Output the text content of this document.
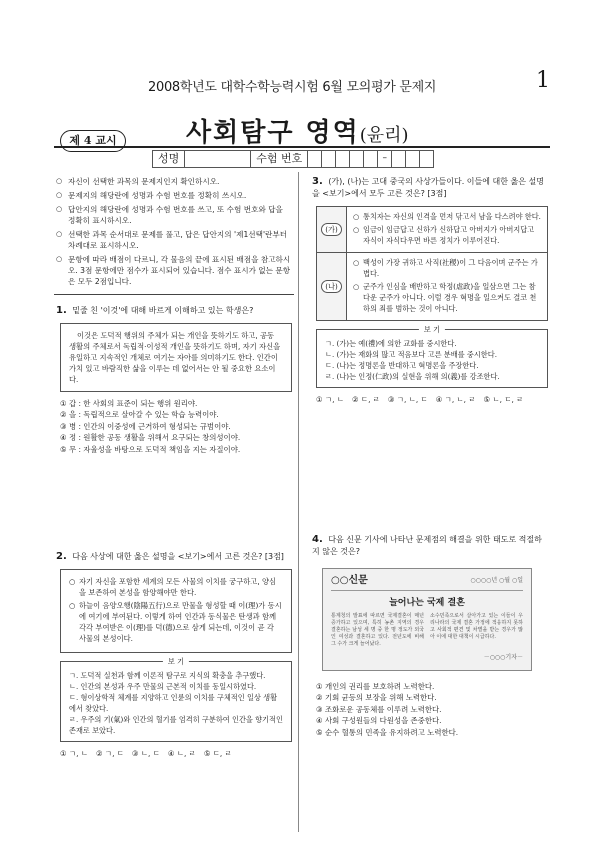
2008학년도 대학수학능력시험 6월 모의평가 문제지	1
제 4 교시	사회탐구 영역(윤리)
성명	수험 번호	–
○ 자신이 선택한 과목의 문제지인지 확인하시오.
○ 문제지의 해당란에 성명과 수험 번호를 정확히 쓰시오.
○ 답안지의 해당란에 성명과 수험 번호를 쓰고, 또 수험 번호와 답을 정확히 표시하시오.
○ 선택한 과목 순서대로 문제를 풀고, 답은 답안지의 '제1선택'란부터 차례대로 표시하시오.
○ 문항에 따라 배점이 다르니, 각 물음의 끝에 표시된 배점을 참고하시오. 3점 문항에만 점수가 표시되어 있습니다. 점수 표시가 없는 문항은 모두 2점입니다.
1. 밑줄 친 '이것'에 대해 바르게 이해하고 있는 학생은?

이것은 도덕적 행위의 주체가 되는 개인을 뜻하기도 하고, 공동 생활의 주체로서 독립적·이성적 개인을 뜻하기도 하며, 자기 자신을 유일하고 지속적인 개체로 여기는 자아를 의미하기도 한다. 인간이 가치 있고 바람직한 삶을 이루는 데 없어서는 안 될 중요한 요소이다.

① 갑 : 한 사회의 표준이 되는 행위 원리야.
② 을 : 독립적으로 살아갈 수 있는 학습 능력이야.
③ 병 : 인간의 이중성에 근거하여 형성되는 규범이야.
④ 정 : 원활한 공동 생활을 위해서 요구되는 창의성이야.
⑤ 무 : 자율성을 바탕으로 도덕적 책임을 지는 자질이야.
2. 다음 사상에 대한 옳은 설명을 <보기>에서 고른 것은? [3점]
○ 자기 자신을 포함한 세계의 모든 사물의 이치를 궁구하고, 양심을 보존하여 본성을 함양해야만 한다.
○ 하늘이 음양오행(陰陽五行)으로 만물을 형성할 때 이(理)가 동시에 여기에 부여된다. 이렇게 하여 인간과 동식물은 탄생과 함께 각각 부여받은 이(理)를 덕(德)으로 삼게 되는데, 이것이 곧 각 사물의 본성이다.
보 기
ㄱ. 도덕적 실천과 함께 이론적 탐구로 지식의 확충을 추구했다.
ㄴ. 인간의 본성과 우주 만물의 근본적 이치를 동일시하였다.
ㄷ. 형이상학적 체계를 지양하고 인륜의 이치를 구체적인 일상 생활에서 찾았다.
ㄹ. 우주의 기(氣)와 인간의 혈기를 엄격히 구분하여 인간을 향기적인 존재로 보았다.
① ㄱ, ㄴ ② ㄱ, ㄷ ③ ㄴ, ㄷ ④ ㄴ, ㄹ ⑤ ㄷ, ㄹ
3. (가), (나)는 고대 중국의 사상가들이다. 이들에 대한 옳은 설명을 <보기>에서 모두 고른 것은? [3점]
(가)
○ 통치자는 자신의 인격을 먼저 닦고서 남을 다스려야 한다.
○ 임금이 임금답고 신하가 신하답고 아버지가 아버지답고 자식이 자식다우면 바른 정치가 이루어진다.
(나)
○ 백성이 가장 귀하고 사직(社稷)이 그 다음이며 군주는 가볍다.
○ 군주가 인심을 배반하고 학정(虐政)을 일삼으면 그는 참다운 군주가 아니다. 이럴 경우 혁명을 일으켜도 결코 천하의 죄를 범하는 것이 아니다.
보 기
ㄱ. (가)는 예(禮)에 의한 교화를 중시한다.
ㄴ. (가)는 재화의 많고 적음보다 고른 분배를 중시한다.
ㄷ. (나)는 정명론을 반대하고 혁명론을 주장한다.
ㄹ. (나)는 인정(仁政)의 실현을 위해 의(義)를 강조한다.
① ㄱ, ㄴ ② ㄷ, ㄹ ③ ㄱ, ㄴ, ㄷ ④ ㄱ, ㄴ, ㄹ ⑤ ㄴ, ㄷ, ㄹ
4. 다음 신문 기사에 나타난 문제점의 해결을 위한 태도로 적절하지 않은 것은?
○○신문	○○○○년 ○월 ○일
늘어나는 국제 결혼
통계청의 발표에 따르면 국제결혼이 매년 증가하고 있으며, 특히 농촌 지역의 경우 결혼하는 남성 세 명 중 한 명 정도가 외국인 여성과 결혼하고 있다. 전년도에 비해 그 수가 크게 늘어났다.
소수민족으로서 살아가고 있는 이들이 우리나라의 국제 결혼 가정에 적응하지 못하고 사회적 편견 및 차별을 받는 경우가 많아 이에 대한 대책이 시급하다.
－○○○기자－
① 개인의 권리를 보호하려 노력한다.
② 기회 균등의 보장을 위해 노력한다.
③ 조화로운 공동체를 이루려 노력한다.
④ 사회 구성원들의 다원성을 존중한다.
⑤ 순수 혈통의 민족을 유지하려고 노력한다.
